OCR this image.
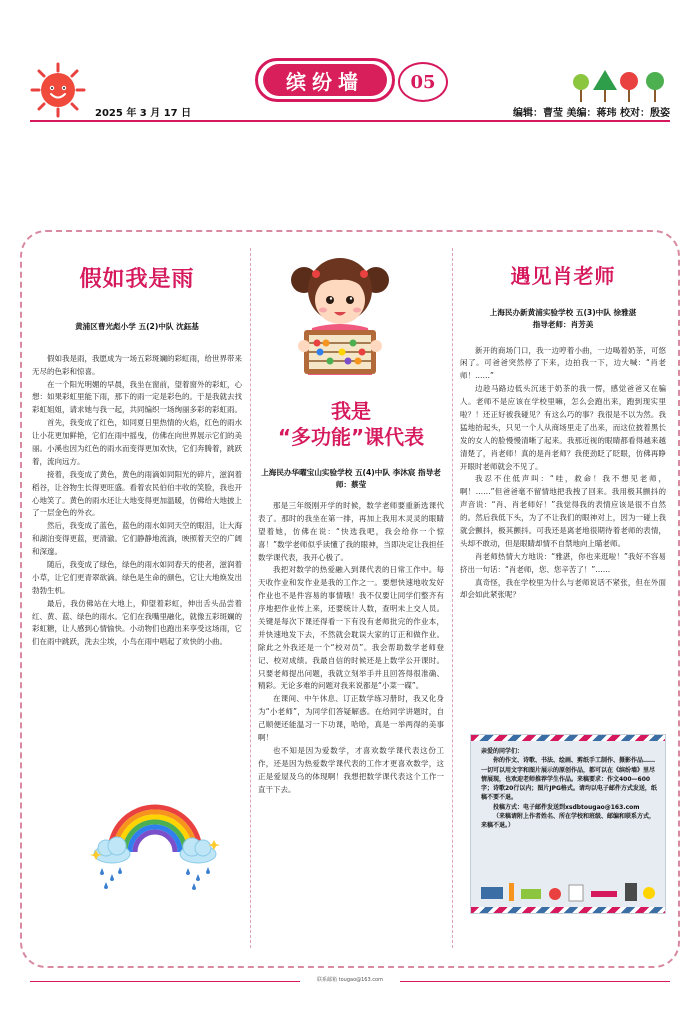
缤纷墙	05
2025 年 3 月 17 日	编辑：曹莹 美编：蒋玮 校对：殷姿
假如我是雨
黄浦区曹光彪小学 五(2)中队 沈鈺基

假如我是雨，我愿成为一场五彩斑斓的彩虹雨，给世界带来无尽的色彩和惊喜。

在一个阳光明媚的早晨，我坐在窗前，望着窗外的彩虹，心想：如果彩虹里能下雨，那下的雨一定是彩色的。于是我就去找彩虹姐姐，请求她与我一起，共同编织一场绚丽多彩的彩虹雨。

首先，我变成了红色，如同夏日里热情的火焰，红色的雨水让小花更加鲜艳，它们在雨中摇曳，仿佛在向世界展示它们的美丽。小溪也因为红色的雨水而变得更加欢快，它们奔腾着，跳跃着，流向远方。

接着，我变成了黄色，黄色的雨滴如同阳光的碎片，滋润着稻谷，让谷物生长得更旺盛。看着农民伯伯丰收的笑脸，我也开心地笑了。黄色的雨水还让大地变得更加温暖，仿佛给大地披上了一层金色的外衣。

然后，我变成了蓝色，蓝色的雨水如同天空的眼泪，让大海和湖泊变得更蓝，更清澈。它们静静地流淌，映照着天空的广阔和深邃。

随后，我变成了绿色，绿色的雨水如同春天的使者，滋润着小草，让它们更青翠欲滴。绿色是生命的颜色，它让大地焕发出勃勃生机。

最后，我仿佛站在大地上，仰望着彩虹，伸出舌头品尝着红、黄、蓝、绿色的雨水。它们在我嘴里融化，就像五彩斑斓的彩虹糖，让人感到心情愉快。小动物们也跑出来享受这场雨，它们在雨中跳跃，洗去尘埃，小鸟在雨中唱起了欢快的小曲。

我是
“多功能”课代表
上海民办华曜宝山实验学校 五(4)中队 李沐宸 指导老师：蔡莹

那是三年级刚开学的时候，数学老师要重新选课代表了。那时的我坐在第一排，再加上我用木灵灵的眼睛望着她，仿佛在说：“快选我吧，我会给你一个惊喜！”数学老师似乎读懂了我的眼神，当即决定让我担任数学课代表，我开心极了。

我把对数学的热爱融入到课代表的日常工作中。每天收作业和发作业是我的工作之一。要想快速地收发好作业也不是件容易的事情哦！我不仅要让同学们整齐有序地把作业传上来，还要统计人数，查明未上交人员。关键是每次下课还得看一下有没有老师批完的作业本，并快速地发下去，不然就会耽误大家的订正和做作业。除此之外我还是一个“校对员”。我会帮助数学老师登记、校对成绩。我最自信的时候还是上数学公开课时。只要老师提出问题，我就立刻举手并且回答得很准确、精彩。无论多难的问题对我来说都是“小菜一碟”。

在课间、中午休息、订正数学练习册时，我又化身为“小老师”，为同学们答疑解惑。在给同学讲题时，自己顺便还能温习一下功课，哈哈，真是一举两得的美事啊！

也不知是因为爱数学，才喜欢数学课代表这份工作，还是因为热爱数学课代表的工作才更喜欢数学，这正是爱屋及乌的体现啊！我想把数学课代表这个工作一直干下去。

遇见肖老师
上海民办新黄浦实验学校 五(3)中队 徐雅湛
指导老师：肖芳美

新开的商场门口，我一边哼着小曲，一边喝着奶茶，可悠闲了。可爸爸突然停了下来，边拍我一下，边大喊：“肖老师！……”

边趁马路边低头沉迷于奶茶的我一愣，感觉爸爸又在骗人。老师不是应该在学校里嘛，怎么会跑出来，跑到现实里啦？！还正好被我碰见？有这么巧的事？我很是不以为然。我猛地抬起头，只见一个人从商场里走了出来，而这位披着黑长发的女人的脸慢慢清晰了起来。我那近视的眼睛都看得越来越清楚了，肖老师！真的是肖老师？我使劲眨了眨眼，仿佛再睁开眼时老师就会不见了。

我忍不住低声叫：“哇，救命！我不想见老师，啊！……”但爸爸毫不留情地把我拽了回来。我用极其颤抖的声音说：“肖、肖老师好！”我觉得我的表情应该是很不自然的。然后我低下头，为了不让我们的眼神对上，因为一碰上我就会颤抖，极其颤抖。可我还是离老地很期待着老师的表情，头却不敢动，但是眼睛却情不自禁地向上瞄老师。

肖老师热情大方地说：“雅湛，你也来逛啦！”我好不容易挤出一句话：“肖老师，您、您辛苦了！”……

真奇怪，我在学校里为什么与老师说话不紧张，但在外面却会如此紧张呢？

亲爱的同学们：

你的作文、诗歌、书法、绘画、剪纸手工制作、摄影作品……一切可以用文字和图片展示的原创作品，都可以在《缤纷墙》里尽情展现，也欢迎老师推荐学生作品。来稿要求：作文400—600字；诗歌20行以内；图片JPG格式。请均以电子邮件方式发送，纸稿不要不退。

投稿方式：电子邮件发送到xsdbtougao@163.com

（来稿请附上作者姓名、所在学校和班级、邮编和联系方式，来稿不退。）

联系邮箱 tougao@163.com
